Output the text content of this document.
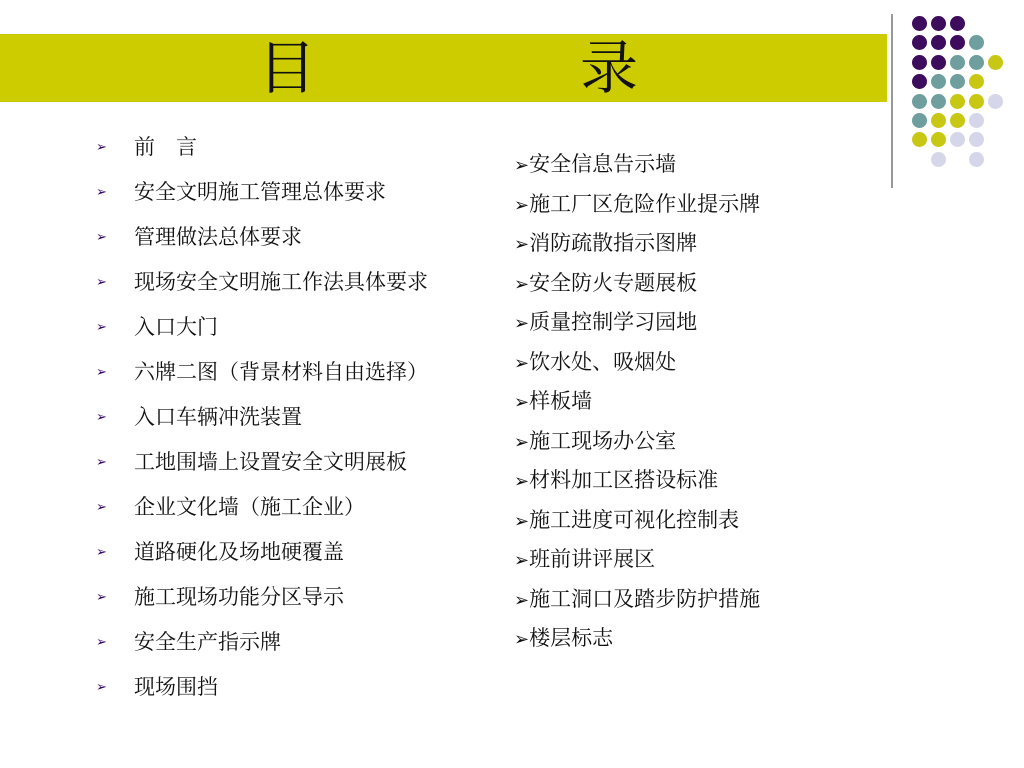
目	录
➢ 前　言
➢ 安全文明施工管理总体要求
➢ 管理做法总体要求
➢ 现场安全文明施工作法具体要求
➢ 入口大门
➢ 六牌二图（背景材料自由选择）
➢ 入口车辆冲洗装置
➢ 工地围墙上设置安全文明展板
➢ 企业文化墙（施工企业）
➢ 道路硬化及场地硬覆盖
➢ 施工现场功能分区导示
➢ 安全生产指示牌
➢ 现场围挡
➢安全信息告示墙
➢施工厂区危险作业提示牌
➢消防疏散指示图牌
➢安全防火专题展板
➢质量控制学习园地
➢饮水处、吸烟处
➢样板墙
➢施工现场办公室
➢材料加工区搭设标准
➢施工进度可视化控制表
➢班前讲评展区
➢施工洞口及踏步防护措施
➢楼层标志
